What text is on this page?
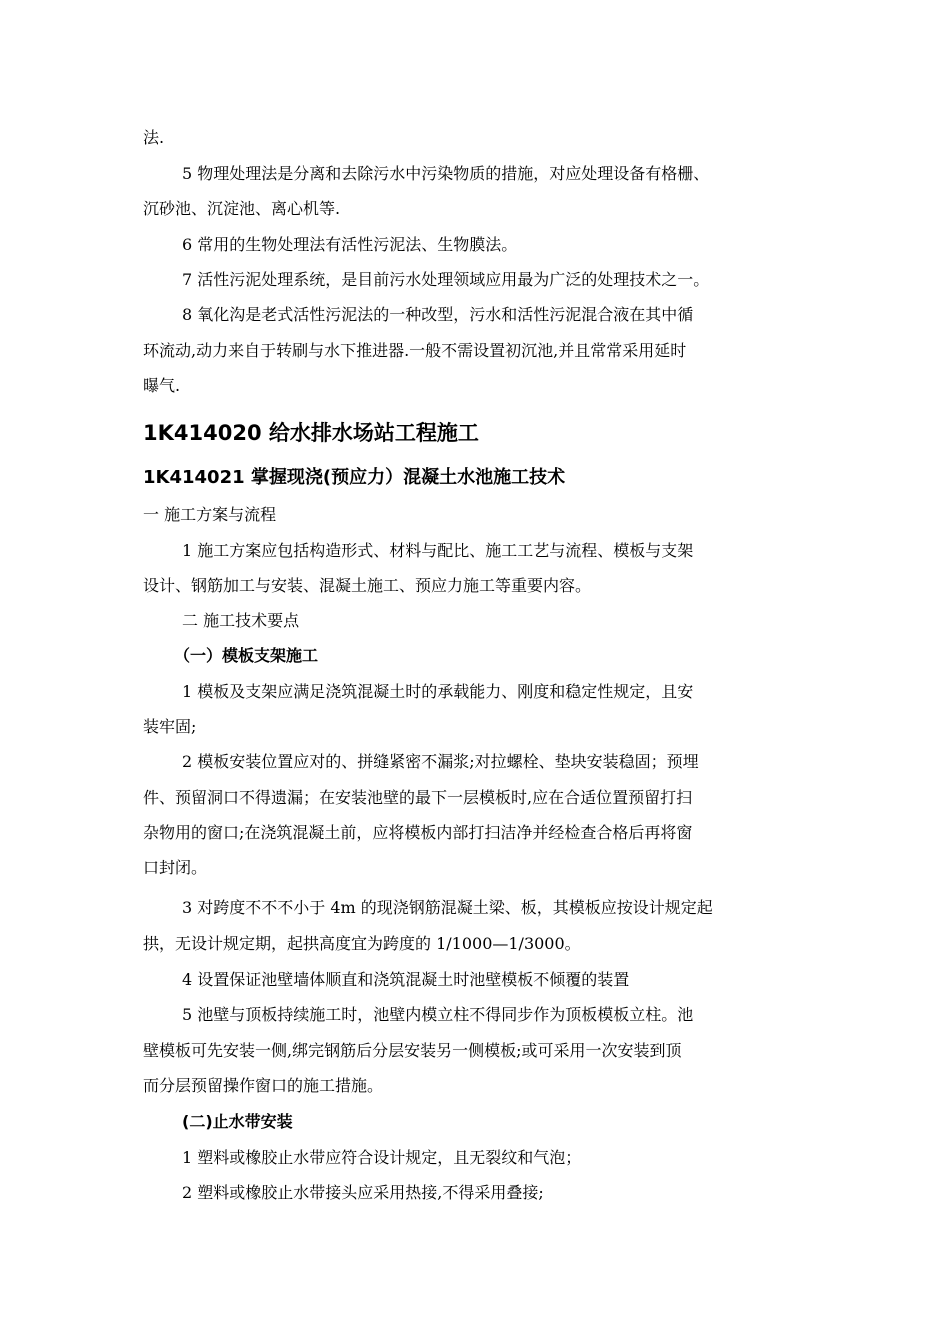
法.
5 物理处理法是分离和去除污水中污染物质的措施，对应处理设备有格栅、
沉砂池、沉淀池、离心机等.
6 常用的生物处理法有活性污泥法、生物膜法。
7 活性污泥处理系统，是目前污水处理领域应用最为广泛的处理技术之一。
8 氧化沟是老式活性污泥法的一种改型，污水和活性污泥混合液在其中循
环流动,动力来自于转刷与水下推进器.一般不需设置初沉池,并且常常采用延时
曝气.
1K414020 给水排水场站工程施工
1K414021 掌握现浇(预应力）混凝土水池施工技术
一 施工方案与流程
1 施工方案应包括构造形式、材料与配比、施工工艺与流程、模板与支架
设计、钢筋加工与安装、混凝土施工、预应力施工等重要内容。
二 施工技术要点
（一）模板支架施工
1 模板及支架应满足浇筑混凝土时的承载能力、刚度和稳定性规定，且安
装牢固;
2 模板安装位置应对的、拼缝紧密不漏浆;对拉螺栓、垫块安装稳固；预埋
件、预留洞口不得遗漏；在安装池壁的最下一层模板时,应在合适位置预留打扫
杂物用的窗口;在浇筑混凝土前，应将模板内部打扫洁净并经检查合格后再将窗
口封闭。
3 对跨度不不不小于 4m 的现浇钢筋混凝土梁、板，其模板应按设计规定起
拱，无设计规定期，起拱高度宜为跨度的 1/1000—1/3000。
4 设置保证池壁墙体顺直和浇筑混凝土时池壁模板不倾覆的装置
5 池壁与顶板持续施工时，池壁内模立柱不得同步作为顶板模板立柱。池
壁模板可先安装一侧,绑完钢筋后分层安装另一侧模板;或可采用一次安装到顶
而分层预留操作窗口的施工措施。
(二)止水带安装
1 塑料或橡胶止水带应符合设计规定，且无裂纹和气泡；
2 塑料或橡胶止水带接头应采用热接,不得采用叠接;
